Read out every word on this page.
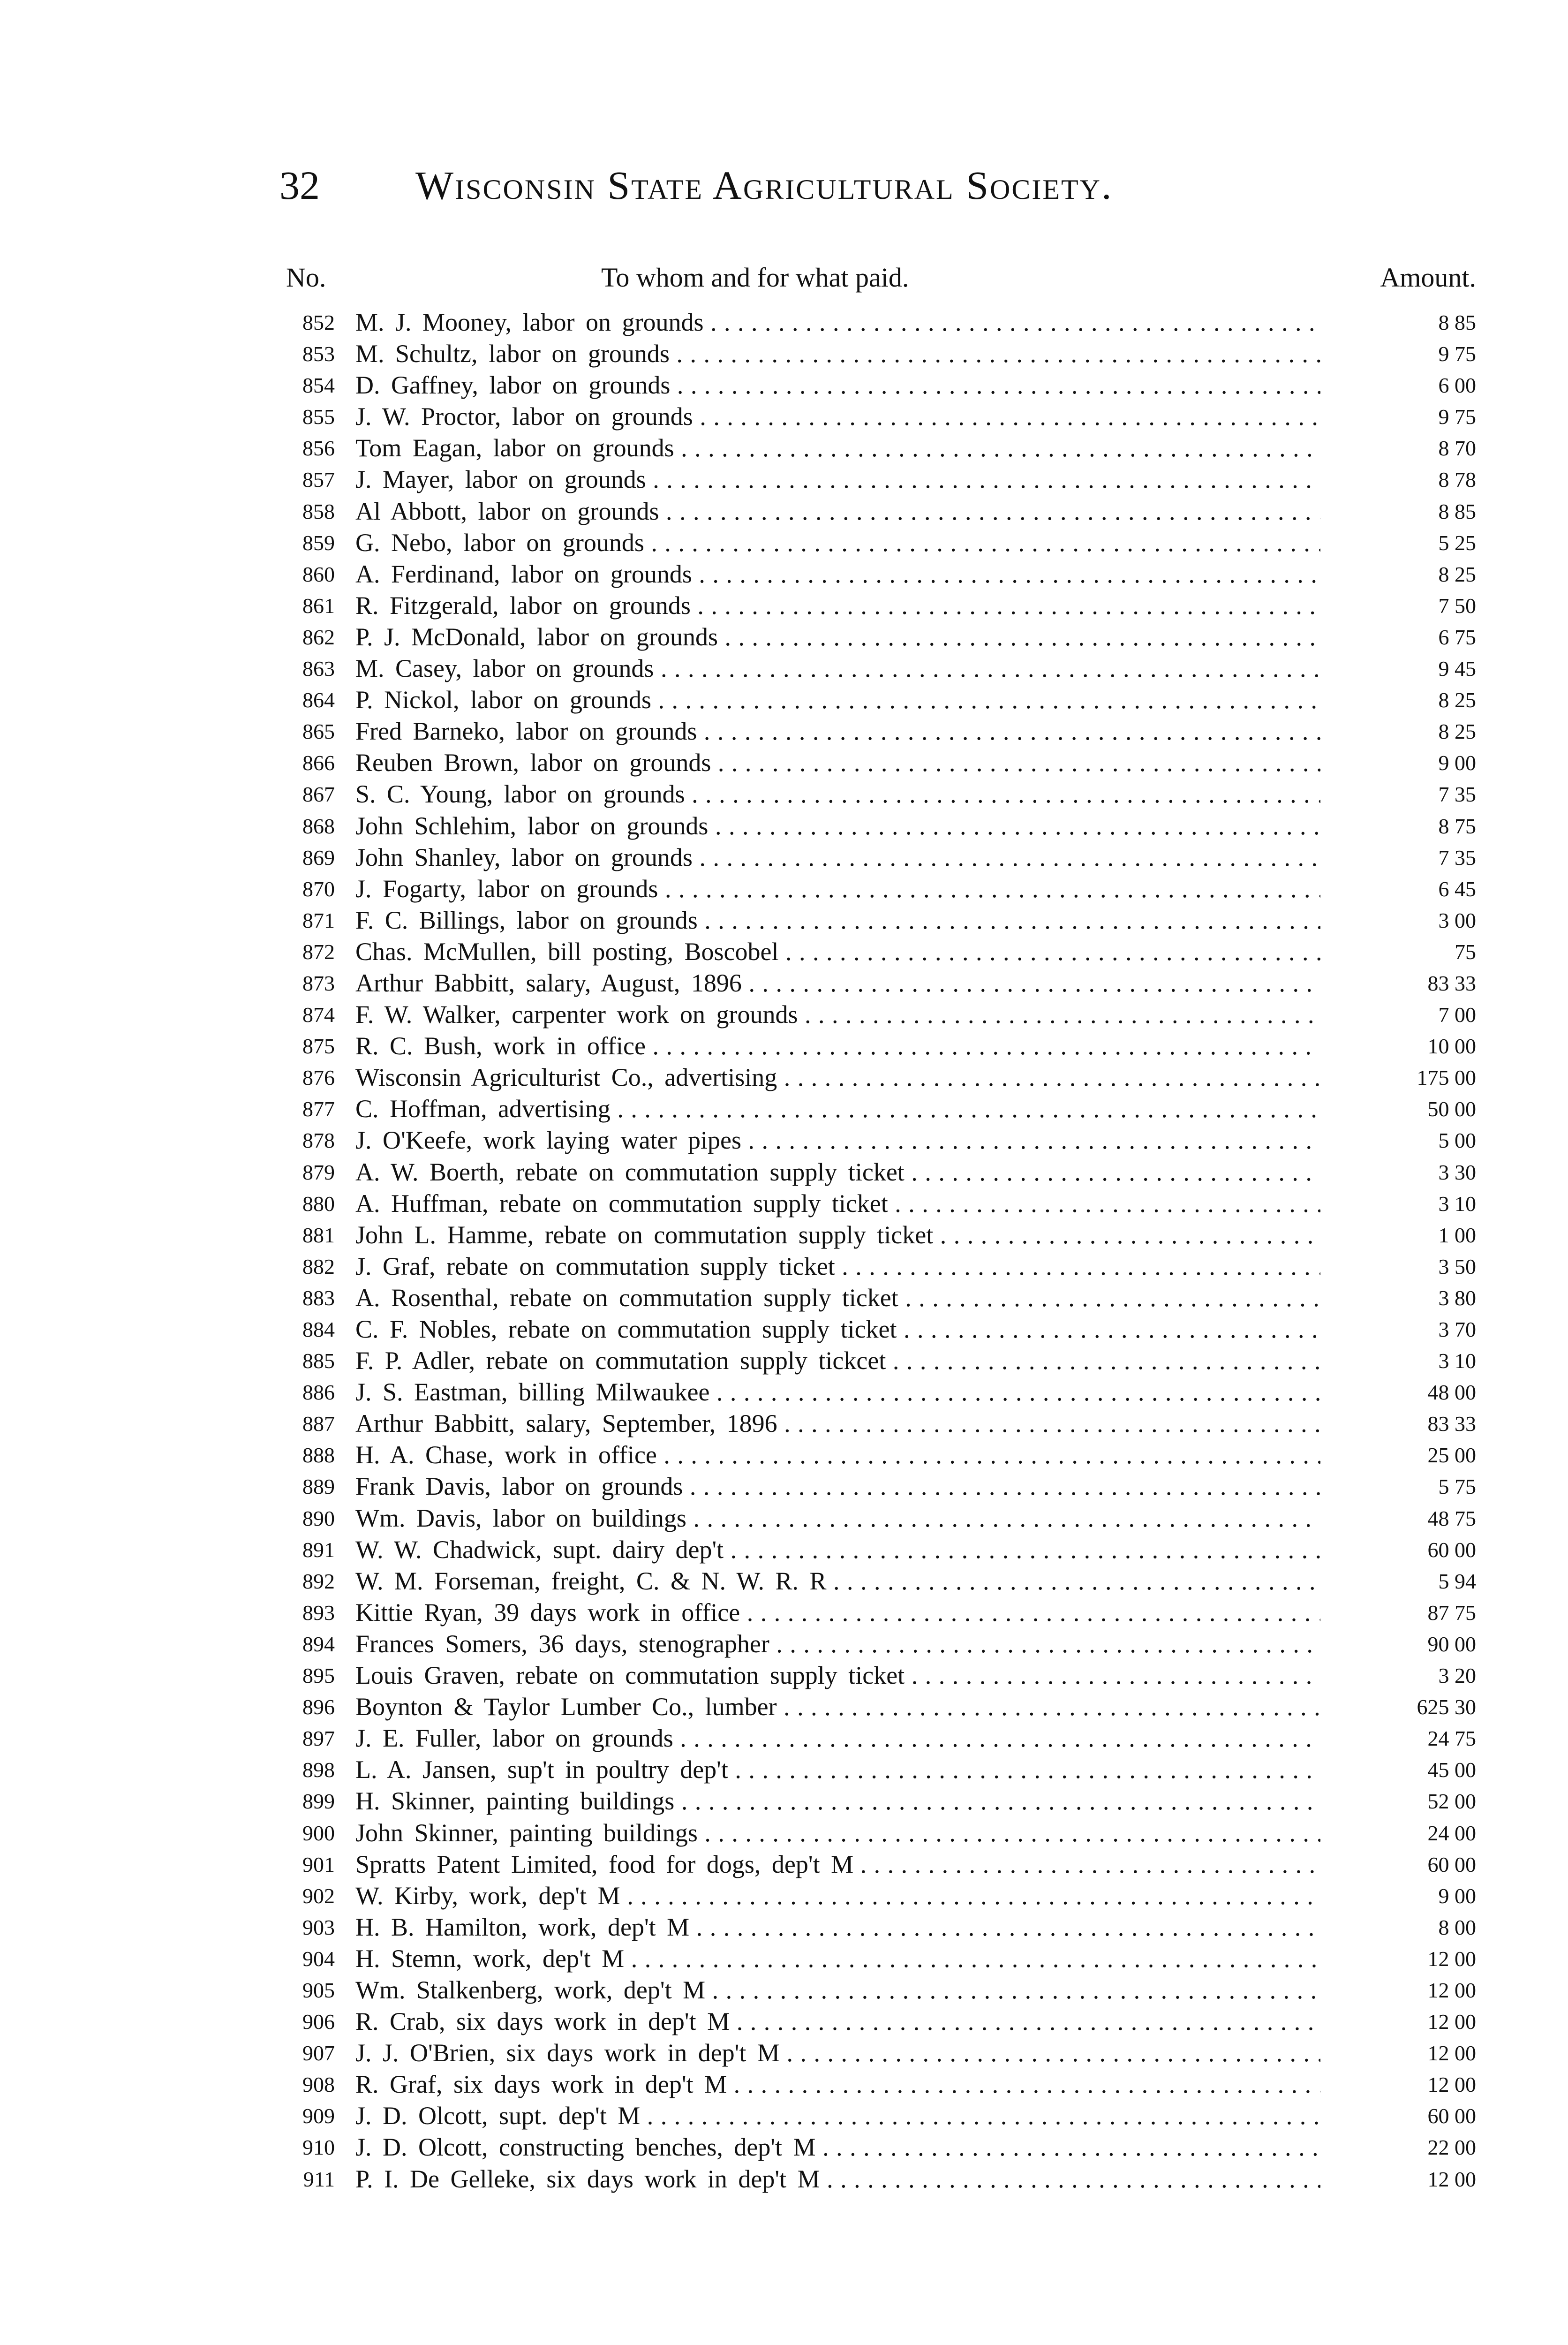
32 Wisconsin State Agricultural Society.
No.	To whom and for what paid.	Amount.
852 M. J. Mooney, labor on grounds . . .	8 85
853 M. Schultz, labor on grounds . . .	9 75
854 D. Gaffney, labor on grounds . . .	6 00
855 J. W. Proctor, labor on grounds . . .	9 75
856 Tom Eagan, labor on grounds . . .	8 70
857 J. Mayer, labor on grounds . . .	8 78
858 Al Abbott, labor on grounds . . .	8 85
859 G. Nebo, labor on grounds . . .	5 25
860 A. Ferdinand, labor on grounds . . .	8 25
861 R. Fitzgerald, labor on grounds . . .	7 50
862 P. J. McDonald, labor on grounds . . .	6 75
863 M. Casey, labor on grounds . . .	9 45
864 P. Nickol, labor on grounds . . .	8 25
865 Fred Barneko, labor on grounds . . .	8 25
866 Reuben Brown, labor on grounds . . .	9 00
867 S. C. Young, labor on grounds . . .	7 35
868 John Schlehim, labor on grounds . . .	8 75
869 John Shanley, labor on grounds . . .	7 35
870 J. Fogarty, labor on grounds . . .	6 45
871 F. C. Billings, labor on grounds . . .	3 00
872 Chas. McMullen, bill posting, Boscobel . . .	75
873 Arthur Babbitt, salary, August, 1896 . . .	83 33
874 F. W. Walker, carpenter work on grounds . . .	7 00
875 R. C. Bush, work in office . . .	10 00
876 Wisconsin Agriculturist Co., advertising . . .	175 00
877 C. Hoffman, advertising . . .	50 00
878 J. O'Keefe, work laying water pipes . . .	5 00
879 A. W. Boerth, rebate on commutation supply ticket . . .	3 30
880 A. Huffman, rebate on commutation supply ticket . . .	3 10
881 John L. Hamme, rebate on commutation supply ticket . . .	1 00
882 J. Graf, rebate on commutation supply ticket . . .	3 50
883 A. Rosenthal, rebate on commutation supply ticket . . .	3 80
884 C. F. Nobles, rebate on commutation supply ticket . . .	3 70
885 F. P. Adler, rebate on commutation supply tickcet . . .	3 10
886 J. S. Eastman, billing Milwaukee . . .	48 00
887 Arthur Babbitt, salary, September, 1896 . . .	83 33
888 H. A. Chase, work in office . . .	25 00
889 Frank Davis, labor on grounds . . .	5 75
890 Wm. Davis, labor on buildings . . .	48 75
891 W. W. Chadwick, supt. dairy dep't . . .	60 00
892 W. M. Forseman, freight, C. & N. W. R. R . . .	5 94
893 Kittie Ryan, 39 days work in office . . .	87 75
894 Frances Somers, 36 days, stenographer . . .	90 00
895 Louis Graven, rebate on commutation supply ticket . . .	3 20
896 Boynton & Taylor Lumber Co., lumber . . .	625 30
897 J. E. Fuller, labor on grounds . . .	24 75
898 L. A. Jansen, sup't in poultry dep't . . .	45 00
899 H. Skinner, painting buildings . . .	52 00
900 John Skinner, painting buildings . . .	24 00
901 Spratts Patent Limited, food for dogs, dep't M . . .	60 00
902 W. Kirby, work, dep't M . . .	9 00
903 H. B. Hamilton, work, dep't M . . .	8 00
904 H. Stemn, work, dep't M . . .	12 00
905 Wm. Stalkenberg, work, dep't M . . .	12 00
906 R. Crab, six days work in dep't M . . .	12 00
907 J. J. O'Brien, six days work in dep't M . . .	12 00
908 R. Graf, six days work in dep't M . . .	12 00
909 J. D. Olcott, supt. dep't M . . .	60 00
910 J. D. Olcott, constructing benches, dep't M . . .	22 00
911 P. I. De Gelleke, six days work in dep't M . . .	12 00
